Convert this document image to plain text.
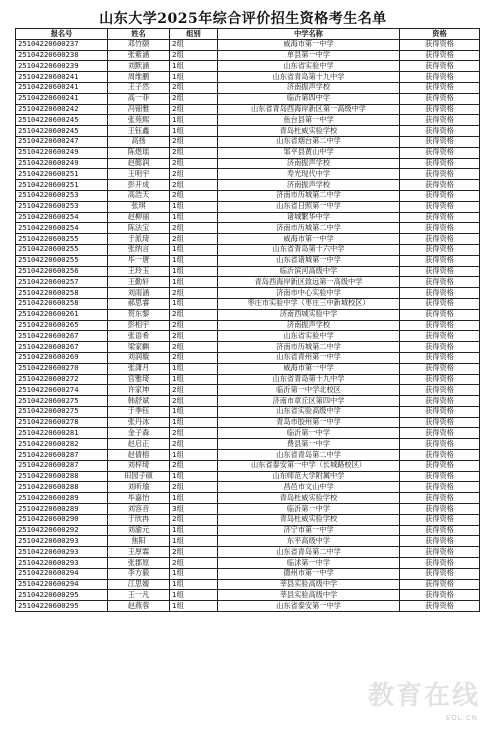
山东大学2025年综合评价招生资格考生名单
报名号	姓名	组别	中学名称	资格
25104220600237	邓竹颐	2组	威海市第一中学	获得资格
25104220600238	张紫涵	2组	单县第一中学	获得资格
25104220600239	刘默涵	1组	山东省实验中学	获得资格
25104220600241	周维鹏	1组	山东省青岛第十九中学	获得资格
25104220600241	王子然	2组	济南振声学校	获得资格
25104220600241	高一菲	2组	临沂第四中学	获得资格
25104220600242	冯钿雅	2组	山东省青岛西海岸新区第一高级中学	获得资格
25104220600245	张苑熙	1组	鱼台县第一中学	获得资格
25104220600245	王钰鑫	1组	青岛杜威实验学校	获得资格
25104220600247	高扬	2组	山东省烟台第二中学	获得资格
25104220600249	陈煜瑶	2组	邹平县黄山中学	获得资格
25104220600249	赵懿润	2组	济南振声学校	获得资格
25104220600251	王明宇	2组	寿光现代中学	获得资格
25104220600251	彭开成	2组	济南振声学校	获得资格
25104220600253	高浩天	2组	济南市历城第二中学	获得资格
25104220600253	张琪	1组	山东省日照第一中学	获得资格
25104220600254	赵柳丽	1组	诸城繁华中学	获得资格
25104220600254	陈法宝	2组	济南市历城第二中学	获得资格
25104220600255	于派琦	2组	威海市第一中学	获得资格
25104220600255	张纳言	1组	山东省青岛第十六中学	获得资格
25104220600255	毕一唐	1组	山东省诸城第一中学	获得资格
25104220600256	王玲玉	1组	临沂滨河高级中学	获得资格
25104220600257	王勤轩	1组	青岛西海岸新区致远第一高级中学	获得资格
25104220600258	刘雨涵	2组	济南市中心实验中学	获得资格
25104220600258	郝思睿	1组	枣庄市实验中学（枣庄三中新城校区）	获得资格
25104220600261	贺东黎	2组	济南西城实验中学	获得资格
25104220600265	彭相宇	2组	济南振声学校	获得资格
25104220600267	张语希	2组	山东省实验中学	获得资格
25104220600267	梁家麒	2组	济南市历城第二中学	获得资格
25104220600269	刘润璇	2组	山东省青州第一中学	获得资格
25104220600270	张潇月	1组	威海市第一中学	获得资格
25104220600272	官雅琦	1组	山东省青岛第十九中学	获得资格
25104220600274	许家坤	2组	临沂第一中学北校区	获得资格
25104220600275	韩舒斌	2组	济南市章丘区第四中学	获得资格
25104220600275	于季钰	1组	山东省实验高级中学	获得资格
25104220600278	张丹冰	1组	青岛市胶州第一中学	获得资格
25104220600281	金子森	2组	临沂第一中学	获得资格
25104220600282	赵启正	2组	费县第一中学	获得资格
25104220600287	赵倩榕	1组	山东省青岛第二中学	获得资格
25104220600287	刘梓琦	2组	山东省泰安第一中学（长城路校区）	获得资格
25104220600288	田园子硕	1组	山东师范大学附属中学	获得资格
25104220600288	刘昕瑜	2组	昌邑市文山中学	获得资格
25104220600289	毕嘉怡	1组	青岛杜威实验学校	获得资格
25104220600289	刘容音	3组	临沂第一中学	获得资格
25104220600290	于欣冉	2组	青岛杜威实验学校	获得资格
25104220600292	刘渝元	1组	济宁市第一中学	获得资格
25104220600293	焦阳	1组	东平高级中学	获得资格
25104220600293	王厚霖	2组	山东省青岛第二中学	获得资格
25104220600293	张郡原	2组	临沭第一中学	获得资格
25104220600294	李方毅	1组	德州市第一中学	获得资格
25104220600294	江思嫒	1组	莘县实验高级中学	获得资格
25104220600295	王一凡	1组	莘县实验高级中学	获得资格
25104220600295	赵燕蓉	1组	山东省泰安第一中学	获得资格
教育在线
EOL.CN
